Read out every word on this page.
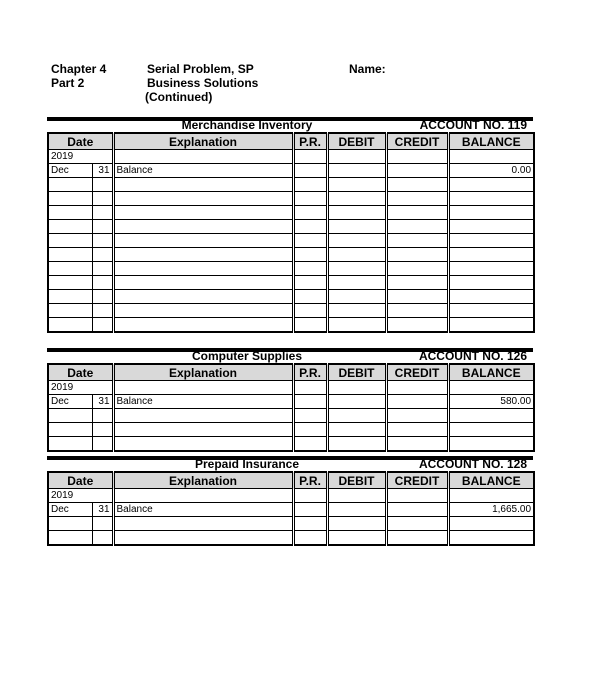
Chapter 4
Part 2
Serial Problem, SP
Business Solutions
(Continued)
Name:
Merchandise Inventory	ACCOUNT NO. 119
Date		Explanation	P.R.	DEBIT	CREDIT	BALANCE
2019						
Dec	31	Balance				0.00

Computer Supplies	ACCOUNT NO. 126
Date		Explanation	P.R.	DEBIT	CREDIT	BALANCE
2019						
Dec	31	Balance				580.00

Prepaid Insurance	ACCOUNT NO. 128
Date		Explanation	P.R.	DEBIT	CREDIT	BALANCE
2019						
Dec	31	Balance				1,665.00
